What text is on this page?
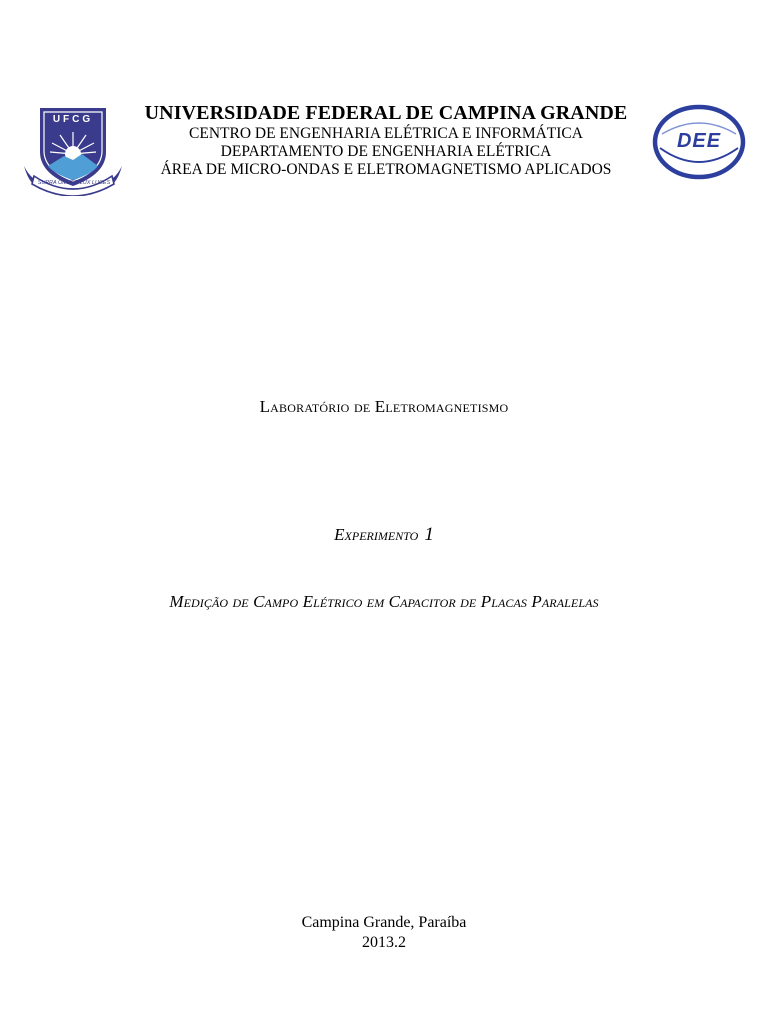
UFCG
SUPRA OMNES LUX LUCES
UNIVERSIDADE FEDERAL DE CAMPINA GRANDE
CENTRO DE ENGENHARIA ELÉTRICA E INFORMÁTICA
DEPARTAMENTO DE ENGENHARIA ELÉTRICA
ÁREA DE MICRO-ONDAS E ELETROMAGNETISMO APLICADOS
DEE
Laboratório de Eletromagnetismo
Experimento 1
Medição de Campo Elétrico em Capacitor de Placas Paralelas
Campina Grande, Paraíba
2013.2
